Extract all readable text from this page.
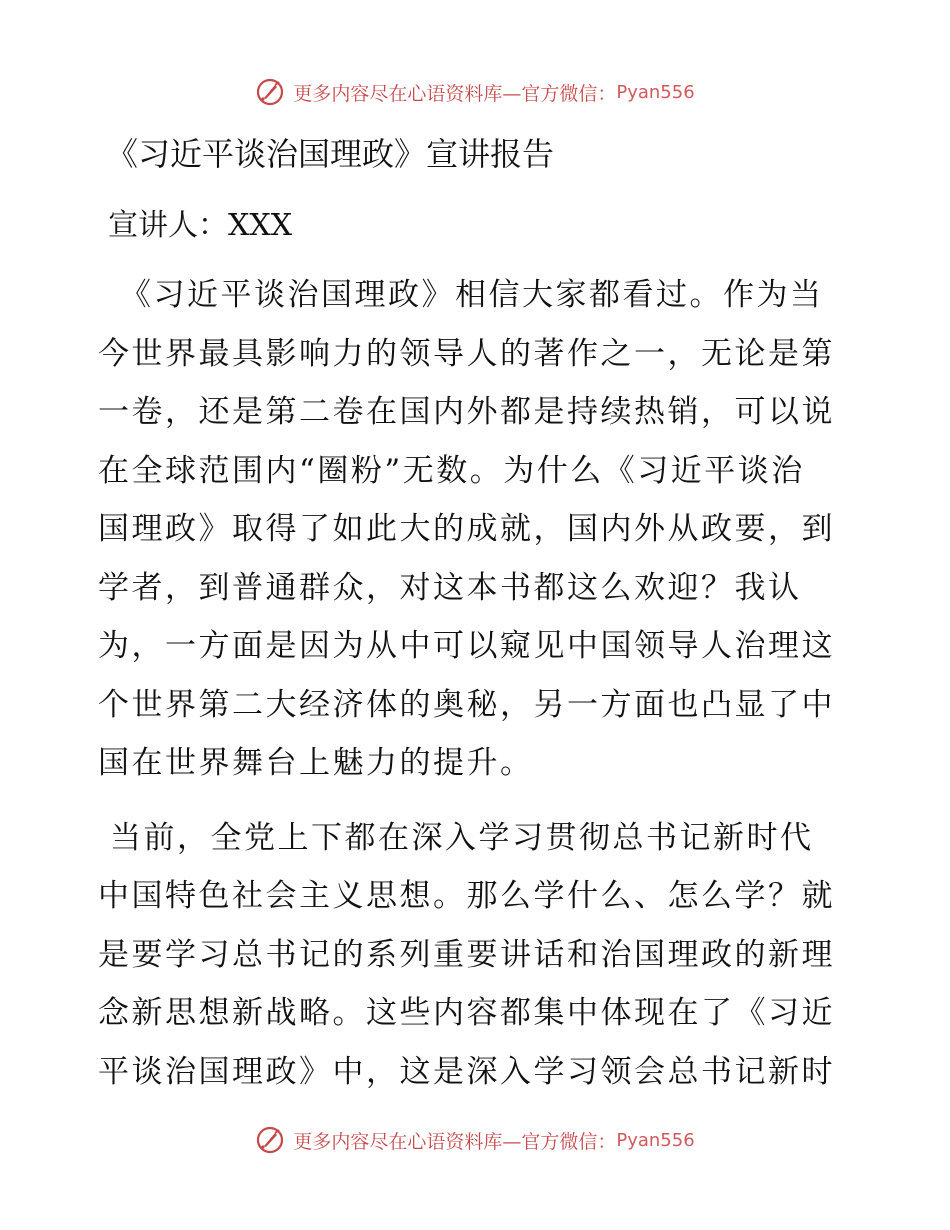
更多内容尽在心语资料库—官方微信： Pyan556
《习近平谈治国理政》宣讲报告
宣讲人：XXX
《习近平谈治国理政》相信大家都看过。作为当
今世界最具影响力的领导人的著作之一，无论是第
一卷，还是第二卷在国内外都是持续热销，可以说
在全球范围内“圈粉”无数。为什么《习近平谈治
国理政》取得了如此大的成就，国内外从政要，到
学者，到普通群众，对这本书都这么欢迎？我认
为，一方面是因为从中可以窥见中国领导人治理这
个世界第二大经济体的奥秘，另一方面也凸显了中
国在世界舞台上魅力的提升。
当前，全党上下都在深入学习贯彻总书记新时代
中国特色社会主义思想。那么学什么、怎么学？就
是要学习总书记的系列重要讲话和治国理政的新理
念新思想新战略。这些内容都集中体现在了《习近
平谈治国理政》中，这是深入学习领会总书记新时
更多内容尽在心语资料库—官方微信： Pyan556
